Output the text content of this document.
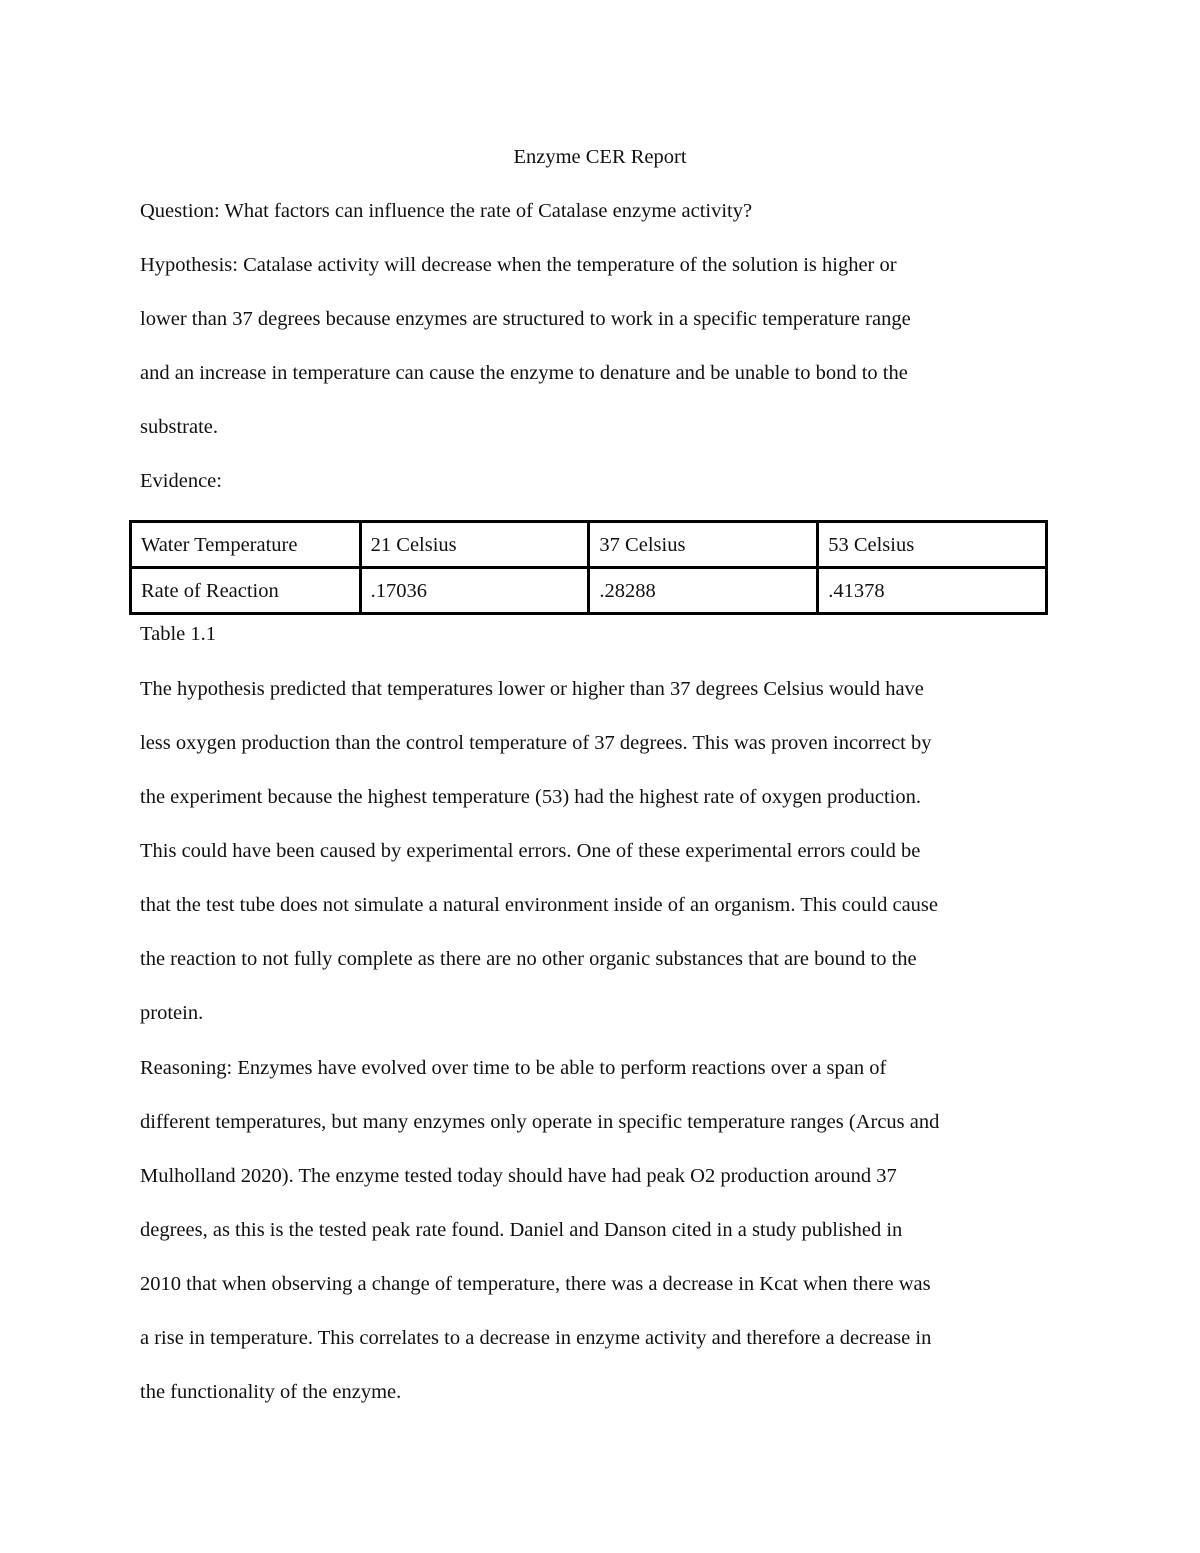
Enzyme CER Report
Question: What factors can influence the rate of Catalase enzyme activity?
Hypothesis: Catalase activity will decrease when the temperature of the solution is higher or
lower than 37 degrees because enzymes are structured to work in a specific temperature range
and an increase in temperature can cause the enzyme to denature and be unable to bond to the
substrate.
Evidence:
Water Temperature	21 Celsius	37 Celsius	53 Celsius
Rate of Reaction	.17036	.28288	.41378
Table 1.1
The hypothesis predicted that temperatures lower or higher than 37 degrees Celsius would have
less oxygen production than the control temperature of 37 degrees. This was proven incorrect by
the experiment because the highest temperature (53) had the highest rate of oxygen production.
This could have been caused by experimental errors. One of these experimental errors could be
that the test tube does not simulate a natural environment inside of an organism. This could cause
the reaction to not fully complete as there are no other organic substances that are bound to the
protein.
Reasoning: Enzymes have evolved over time to be able to perform reactions over a span of
different temperatures, but many enzymes only operate in specific temperature ranges (Arcus and
Mulholland 2020). The enzyme tested today should have had peak O2 production around 37
degrees, as this is the tested peak rate found. Daniel and Danson cited in a study published in
2010 that when observing a change of temperature, there was a decrease in Kcat when there was
a rise in temperature. This correlates to a decrease in enzyme activity and therefore a decrease in
the functionality of the enzyme.
